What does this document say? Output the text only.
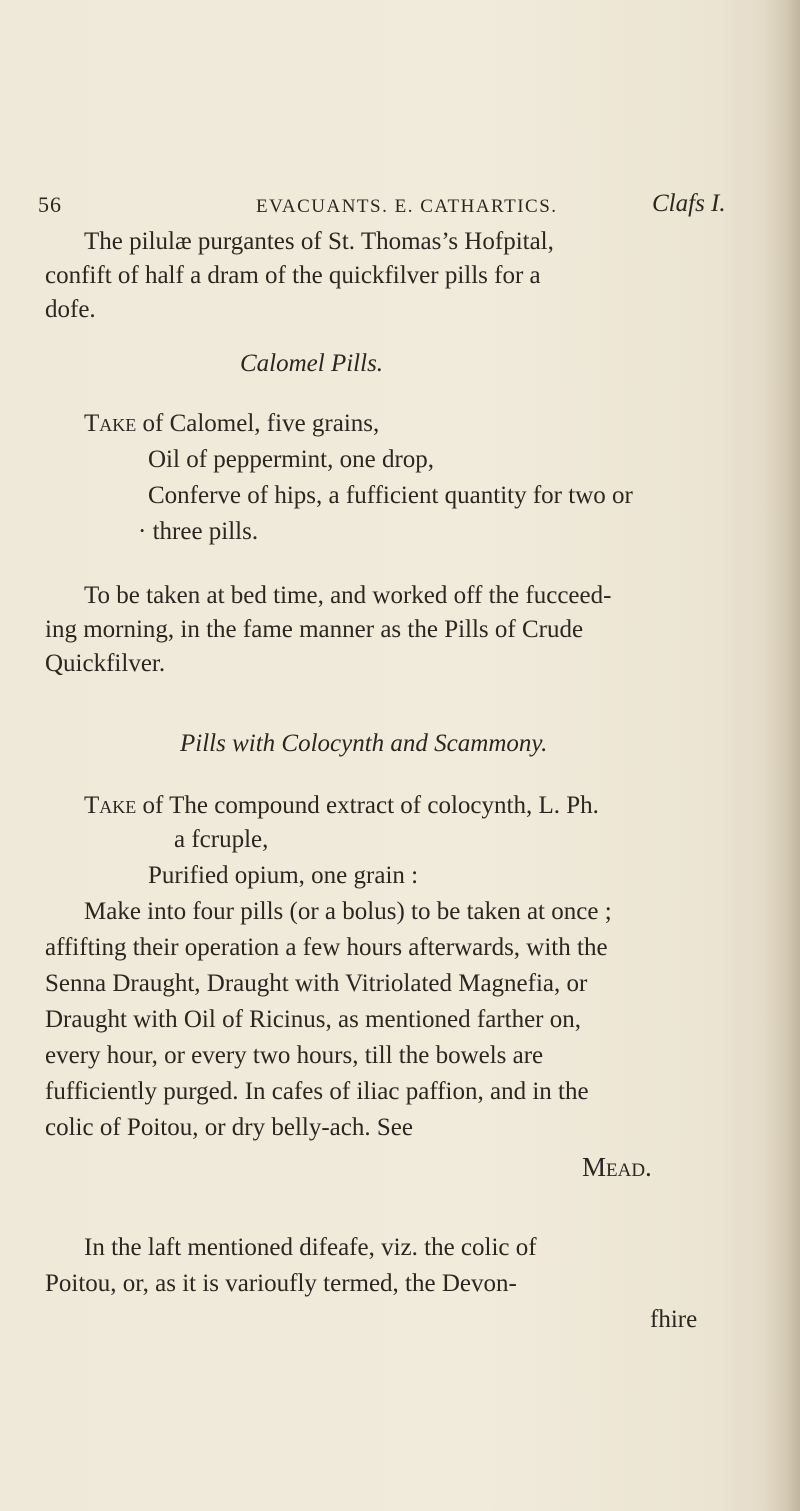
56	EVACUANTS. E. CATHARTICS.	Clafs I.
The pilulæ purgantes of St. Thomas’s Hofpital,
confift of half a dram of the quickfilver pills for a
dofe.
Calomel Pills.
Take of Calomel, five grains,
Oil of peppermint, one drop,
Conferve of hips, a fufficient quantity for two or
· three pills.
To be taken at bed time, and worked off the fucceed-
ing morning, in the fame manner as the Pills of Crude
Quickfilver.
Pills with Colocynth and Scammony.
Take of The compound extract of colocynth, L. Ph.
a fcruple,
Purified opium, one grain :
Make into four pills (or a bolus) to be taken at once ;
affifting their operation a few hours afterwards, with the
Senna Draught, Draught with Vitriolated Magnefia, or
Draught with Oil of Ricinus, as mentioned farther on,
every hour, or every two hours, till the bowels are
fufficiently purged. In cafes of iliac paffion, and in the
colic of Poitou, or dry belly-ach. See
Mead.
In the laft mentioned difeafe, viz. the colic of
Poitou, or, as it is varioufly termed, the Devon-
fhire
